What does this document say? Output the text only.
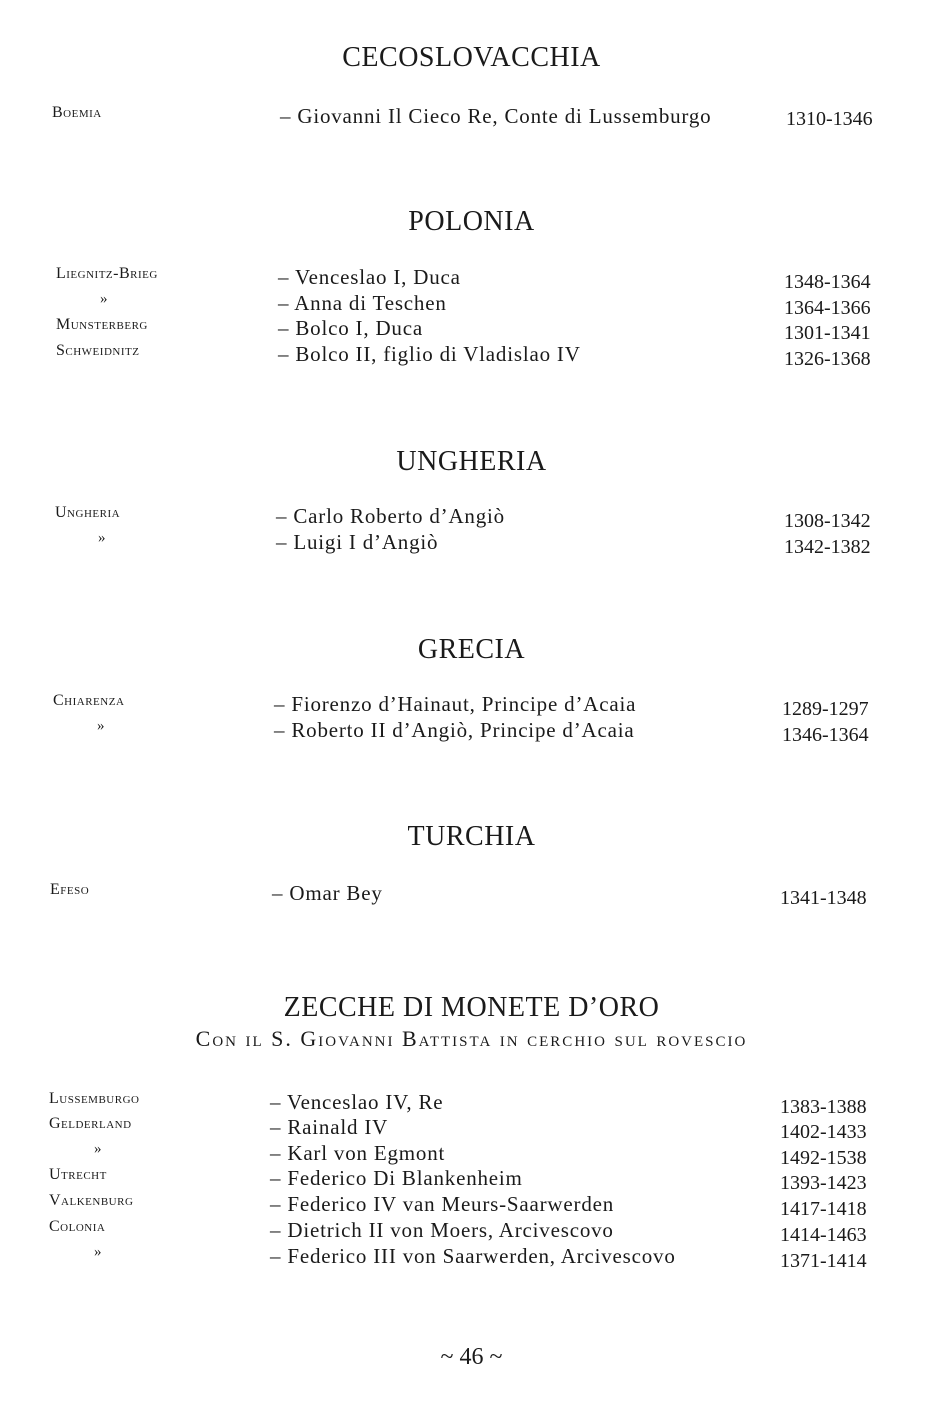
CECOSLOVACCHIA
Boemia	– Giovanni Il Cieco Re, Conte di Lussemburgo	1310-1346
POLONIA
Liegnitz-Brieg	– Venceslao I, Duca	1348-1364
»	– Anna di Teschen	1364-1366
Munsterberg	– Bolco I, Duca	1301-1341
Schweidnitz	– Bolco II, figlio di Vladislao IV	1326-1368
UNGHERIA
Ungheria	– Carlo Roberto d’Angiò	1308-1342
»	– Luigi I d’Angiò	1342-1382
GRECIA
Chiarenza	– Fiorenzo d’Hainaut, Principe d’Acaia	1289-1297
»	– Roberto II d’Angiò, Principe d’Acaia	1346-1364
TURCHIA
Efeso	– Omar Bey	1341-1348
ZECCHE DI MONETE D’ORO
Con il S. Giovanni Battista in cerchio sul rovescio
Lussemburgo	– Venceslao IV, Re	1383-1388
Gelderland	– Rainald IV	1402-1433
»	– Karl von Egmont	1492-1538
Utrecht	– Federico Di Blankenheim	1393-1423
Valkenburg	– Federico IV van Meurs-Saarwerden	1417-1418
Colonia	– Dietrich II von Moers, Arcivescovo	1414-1463
»	– Federico III von Saarwerden, Arcivescovo	1371-1414
~ 46 ~
